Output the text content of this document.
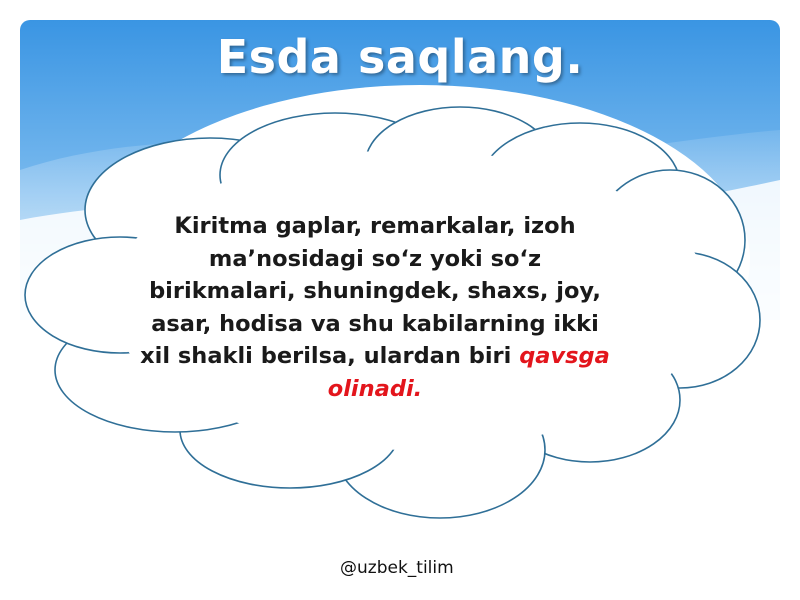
Esda saqlang.
Kiritma gaplar, remarkalar, izoh ma’nosidagi so‘z yoki so‘z birikmalari, shuningdek, shaxs, joy, asar, hodisa va shu kabilarning ikki xil shakli berilsa, ulardan biri qavsga olinadi.
@uzbek_tilim
